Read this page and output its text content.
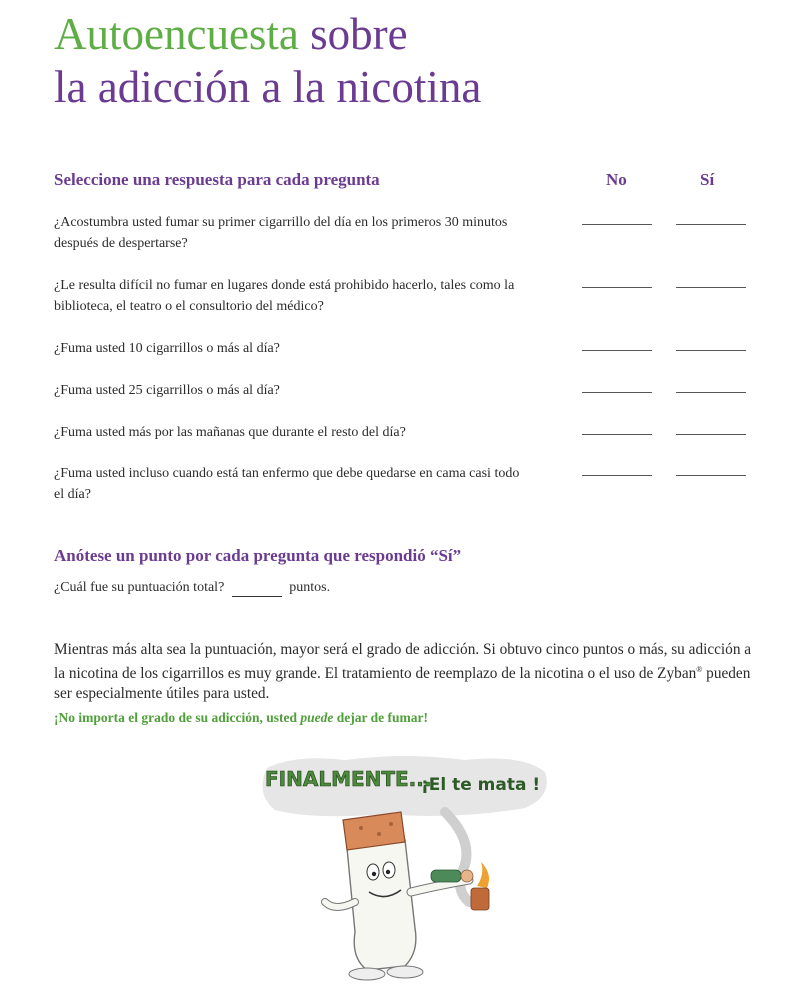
Autoencuesta sobre
la adicción a la nicotina
Seleccione una respuesta para cada pregunta	No	Sí
¿Acostumbra usted fumar su primer cigarrillo del día en los primeros 30 minutos después de despertarse?
¿Le resulta difícil no fumar en lugares donde está prohibido hacerlo, tales como la biblioteca, el teatro o el consultorio del médico?
¿Fuma usted 10 cigarrillos o más al día?
¿Fuma usted 25 cigarrillos o más al día?
¿Fuma usted más por las mañanas que durante el resto del día?
¿Fuma usted incluso cuando está tan enfermo que debe quedarse en cama casi todo el día?
Anótese un punto por cada pregunta que respondió “Sí”
¿Cuál fue su puntuación total?	puntos.
Mientras más alta sea la puntuación, mayor será el grado de adicción. Si obtuvo cinco puntos o más, su adicción a la nicotina de los cigarrillos es muy grande. El tratamiento de reemplazo de la nicotina o el uso de Zyban® pueden ser especialmente útiles para usted.
¡No importa el grado de su adicción, usted puede dejar de fumar!
FINALMENTE...
¡El te mata !
